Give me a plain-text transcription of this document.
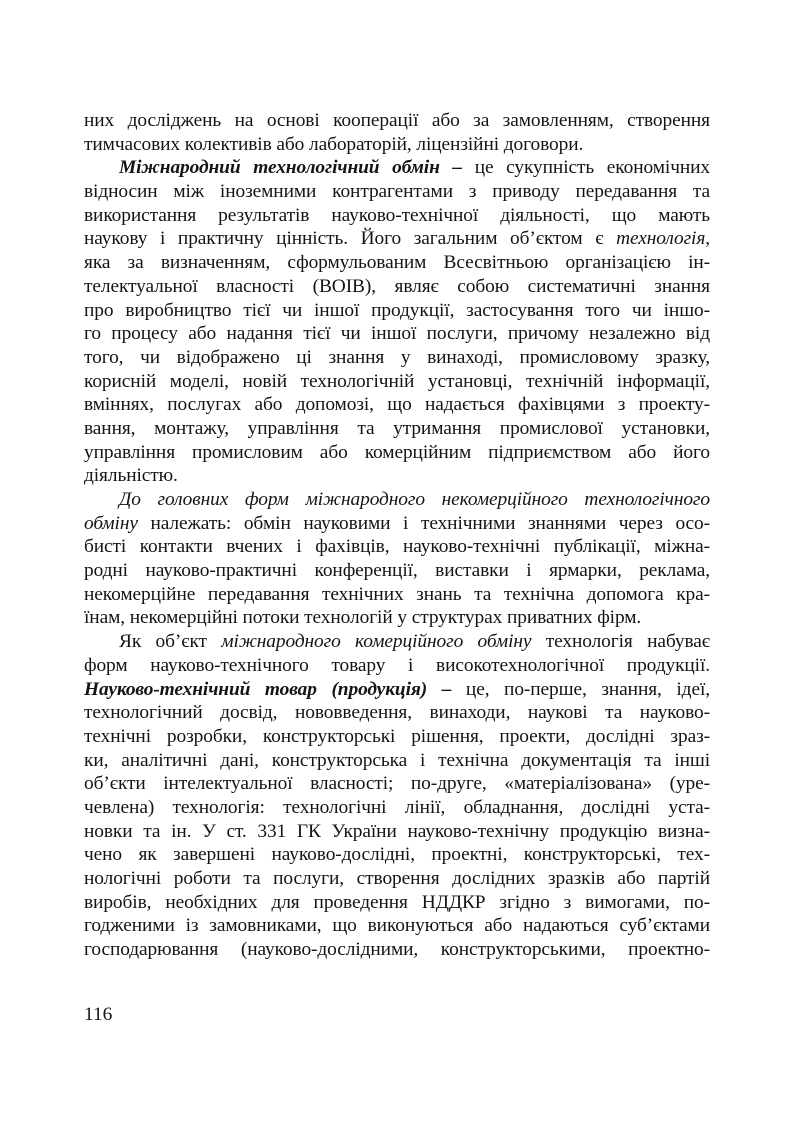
них досліджень на основі кооперації або за замовленням, створення
тимчасових колективів або лабораторій, ліцензійні договори.
Міжнародний технологічний обмін – це сукупність економічних
відносин між іноземними контрагентами з приводу передавання та
використання результатів науково-технічної діяльності, що мають
наукову і практичну цінність. Його загальним об’єктом є технологія,
яка за визначенням, сформульованим Всесвітньою організацією ін-
телектуальної власності (ВОІВ), являє собою систематичні знання
про виробництво тієї чи іншої продукції, застосування того чи іншо-
го процесу або надання тієї чи іншої послуги, причому незалежно від
того, чи відображено ці знання у винаході, промисловому зразку,
корисній моделі, новій технологічній установці, технічній інформації,
вміннях, послугах або допомозі, що надається фахівцями з проекту-
вання, монтажу, управління та утримання промислової установки,
управління промисловим або комерційним підприємством або його
діяльністю.
До головних форм міжнародного некомерційного технологічного
обміну належать: обмін науковими і технічними знаннями через осо-
бисті контакти вчених і фахівців, науково-технічні публікації, міжна-
родні науково-практичні конференції, виставки і ярмарки, реклама,
некомерційне передавання технічних знань та технічна допомога кра-
їнам, некомерційні потоки технологій у структурах приватних фірм.
Як об’єкт міжнародного комерційного обміну технологія набуває
форм науково-технічного товару і високотехнологічної продукції.
Науково-технічний товар (продукція) – це, по-перше, знання, ідеї,
технологічний досвід, нововведення, винаходи, наукові та науково-
технічні розробки, конструкторські рішення, проекти, дослідні зраз-
ки, аналітичні дані, конструкторська і технічна документація та інші
об’єкти інтелектуальної власності; по-друге, «матеріалізована» (уре-
чевлена) технологія: технологічні лінії, обладнання, дослідні уста-
новки та ін. У ст. 331 ГК України науково-технічну продукцію визна-
чено як завершені науково-дослідні, проектні, конструкторські, тех-
нологічні роботи та послуги, створення дослідних зразків або партій
виробів, необхідних для проведення НДДКР згідно з вимогами, по-
годженими із замовниками, що виконуються або надаються суб’єктами
господарювання (науково-дослідними, конструкторськими, проектно-
116
